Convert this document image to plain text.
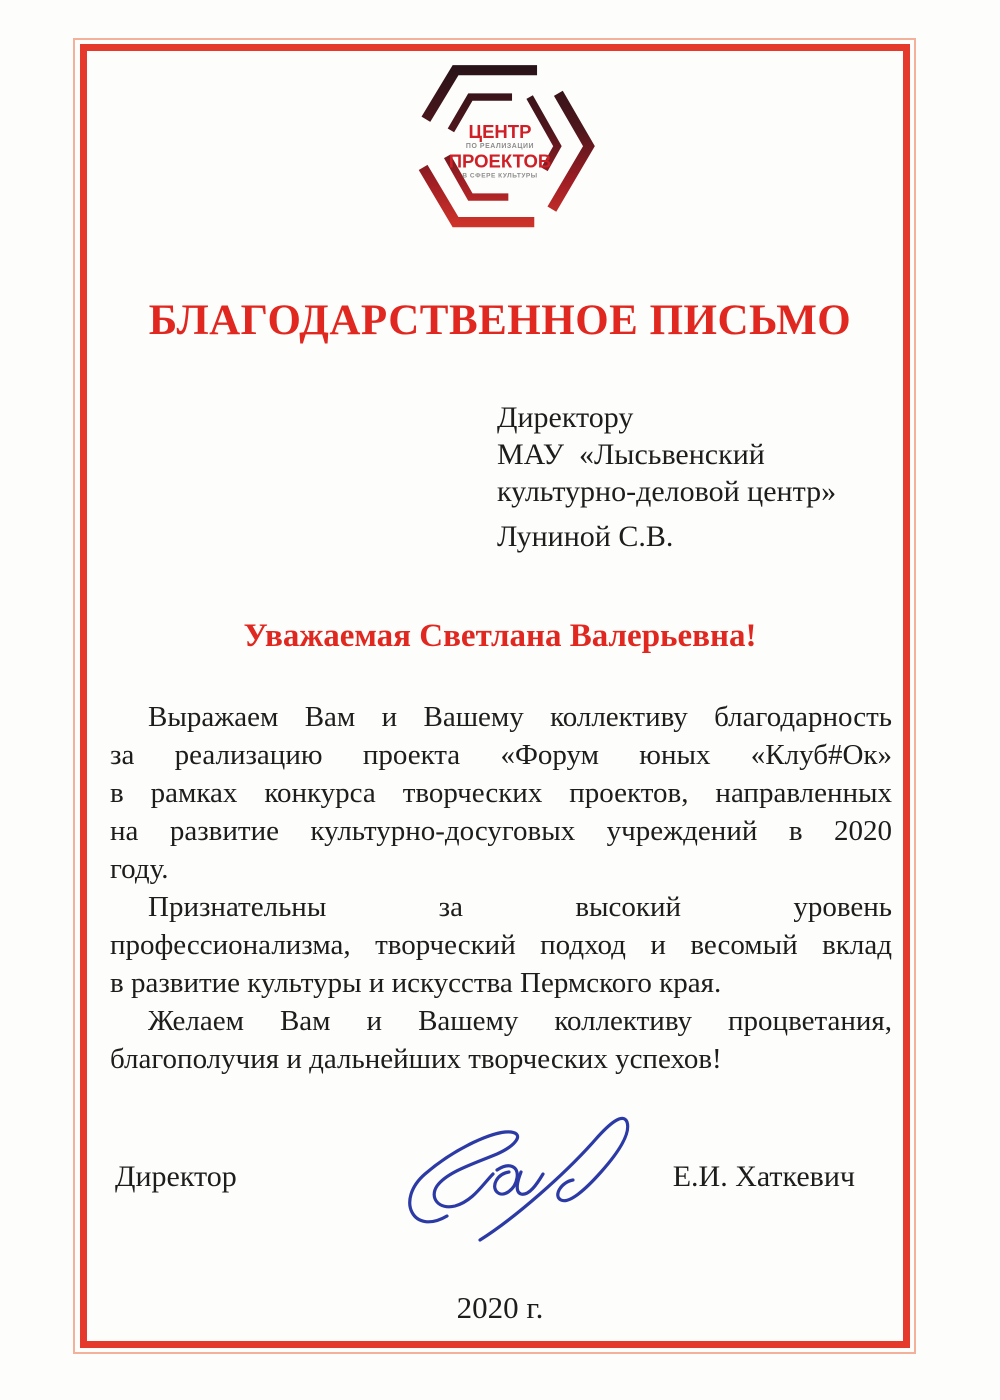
ЦЕНТР
ПО РЕАЛИЗАЦИИ
ПРОЕКТОВ
В СФЕРЕ КУЛЬТУРЫ
БЛАГОДАРСТВЕННОЕ ПИСЬМО
Директору
МАУ  «Лысьвенский
культурно-деловой центр»
Луниной С.В.
Уважаемая Светлана Валерьевна!
Выражаем Вам и Вашему коллективу благодарность
за реализацию проекта «Форум юных «Клуб#Ок»
в рамках конкурса творческих проектов, направленных
на развитие культурно-досуговых учреждений в 2020
году.
Признательны за высокий уровень
профессионализма, творческий подход и весомый вклад
в развитие культуры и искусства Пермского края.
Желаем Вам и Вашему коллективу процветания,
благополучия и дальнейших творческих успехов!
Директор	Е.И. Хаткевич
2020 г.
